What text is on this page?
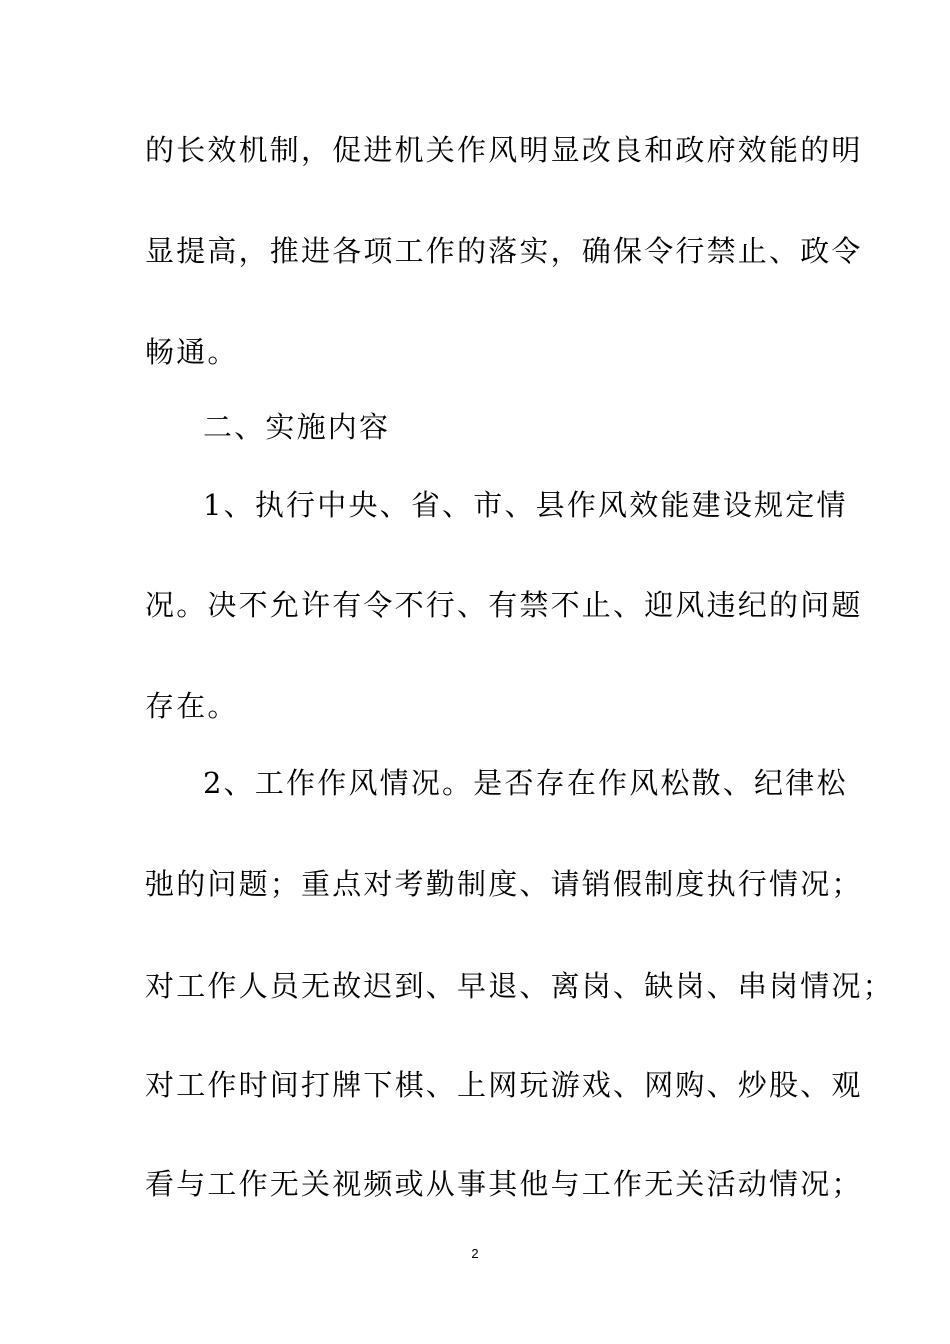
的长效机制，促进机关作风明显改良和政府效能的明
显提高，推进各项工作的落实，确保令行禁止、政令
畅通。
二、实施内容
1、执行中央、省、市、县作风效能建设规定情
况。决不允许有令不行、有禁不止、迎风违纪的问题
存在。
2、工作作风情况。是否存在作风松散、纪律松
弛的问题；重点对考勤制度、请销假制度执行情况；
对工作人员无故迟到、早退、离岗、缺岗、串岗情况；
对工作时间打牌下棋、上网玩游戏、网购、炒股、观
看与工作无关视频或从事其他与工作无关活动情况；
2
